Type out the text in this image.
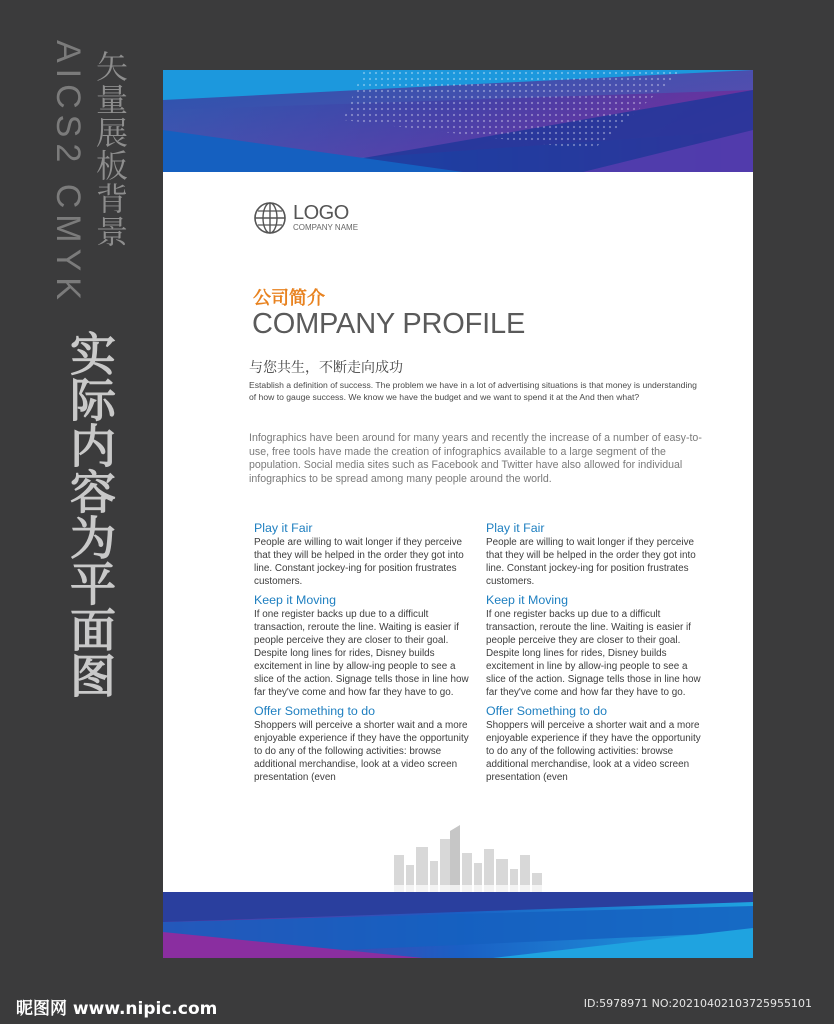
AICS2 CMYK 矢量展板背景
实际内容为平面图
LOGO
COMPANY NAME
公司简介
COMPANY PROFILE
与您共生，不断走向成功
Establish a definition of success. The problem we have in a lot of advertising situations is that money is understanding of how to gauge success. We know we have the budget and we want to spend it at the And then what?
Infographics have been around for many years and recently the increase of a number of easy-to-use, free tools have made the creation of infographics available to a large segment of the population. Social media sites such as Facebook and Twitter have also allowed for individual infographics to be spread among many people around the world.
Play it Fair
People are willing to wait longer if they perceive that they will be helped in the order they got into line. Constant jockey-ing for position frustrates customers.
Keep it Moving
If one register backs up due to a difficult transaction, reroute the line. Waiting is easier if people perceive they are closer to their goal. Despite long lines for rides, Disney builds excitement in line by allow-ing people to see a slice of the action. Signage tells those in line how far they've come and how far they have to go.
Offer Something to do
Shoppers will perceive a shorter wait and a more enjoyable experience if they have the opportunity to do any of the following activities: browse additional merchandise, look at a video screen presentation (even
Play it Fair
People are willing to wait longer if they perceive that they will be helped in the order they got into line. Constant jockey-ing for position frustrates customers.
Keep it Moving
If one register backs up due to a difficult transaction, reroute the line. Waiting is easier if people perceive they are closer to their goal. Despite long lines for rides, Disney builds excitement in line by allow-ing people to see a slice of the action. Signage tells those in line how far they've come and how far they have to go.
Offer Something to do
Shoppers will perceive a shorter wait and a more enjoyable experience if they have the opportunity to do any of the following activities: browse additional merchandise, look at a video screen presentation (even
昵图网 www.nipic.com	ID:5978971 NO:20210402103725955101
